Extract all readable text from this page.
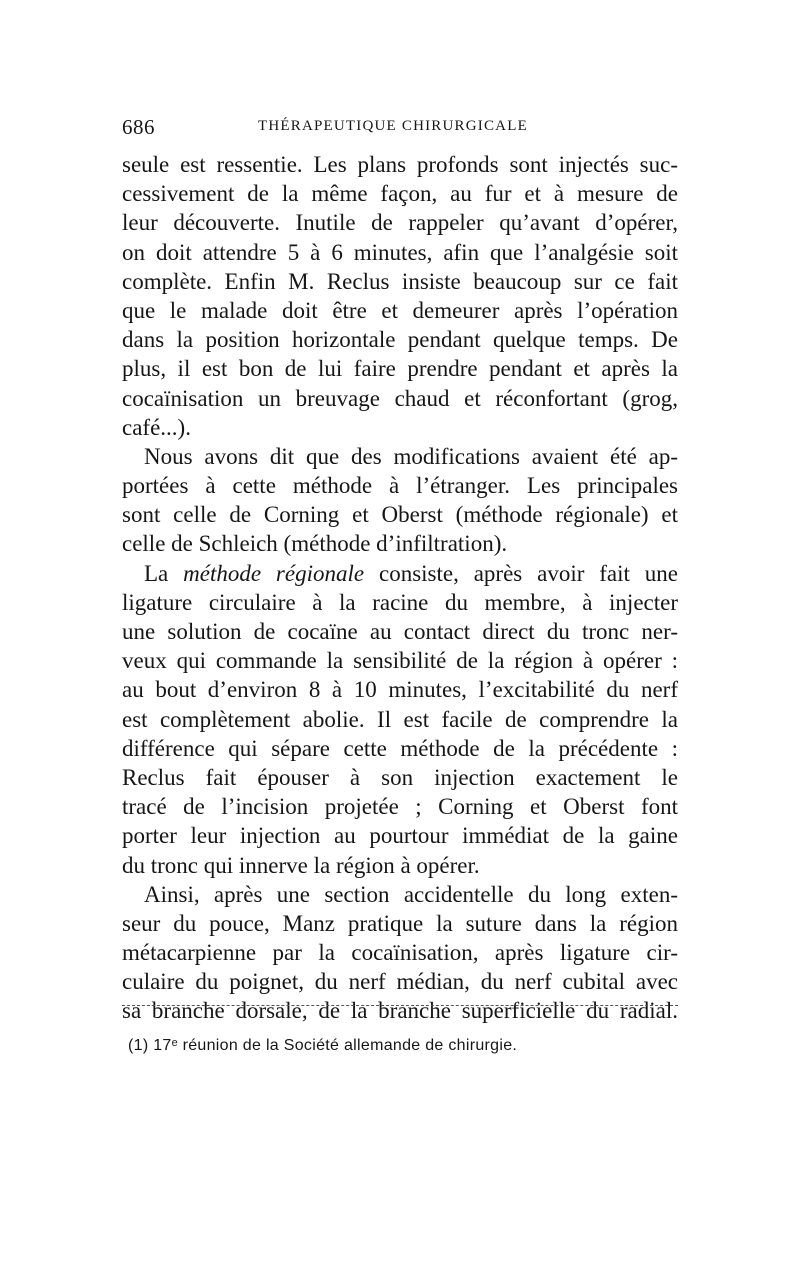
686	THÉRAPEUTIQUE CHIRURGICALE
seule est ressentie. Les plans profonds sont injectés suc-
cessivement de la même façon, au fur et à mesure de
leur découverte. Inutile de rappeler qu’avant d’opérer,
on doit attendre 5 à 6 minutes, afin que l’analgésie soit
complète. Enfin M. Reclus insiste beaucoup sur ce fait
que le malade doit être et demeurer après l’opération
dans la position horizontale pendant quelque temps. De
plus, il est bon de lui faire prendre pendant et après la
cocaïnisation un breuvage chaud et réconfortant (grog,
café...).
Nous avons dit que des modifications avaient été ap-
portées à cette méthode à l’étranger. Les principales
sont celle de Corning et Oberst (méthode régionale) et
celle de Schleich (méthode d’infiltration).
La méthode régionale consiste, après avoir fait une
ligature circulaire à la racine du membre, à injecter
une solution de cocaïne au contact direct du tronc ner-
veux qui commande la sensibilité de la région à opérer :
au bout d’environ 8 à 10 minutes, l’excitabilité du nerf
est complètement abolie. Il est facile de comprendre la
différence qui sépare cette méthode de la précédente :
Reclus fait épouser à son injection exactement le
tracé de l’incision projetée ; Corning et Oberst font
porter leur injection au pourtour immédiat de la gaine
du tronc qui innerve la région à opérer.
Ainsi, après une section accidentelle du long exten-
seur du pouce, Manz pratique la suture dans la région
métacarpienne par la cocaïnisation, après ligature cir-
culaire du poignet, du nerf médian, du nerf cubital avec
sa branche dorsale, de la branche superficielle du radial.
(1) 17ᵉ réunion de la Société allemande de chirurgie.
